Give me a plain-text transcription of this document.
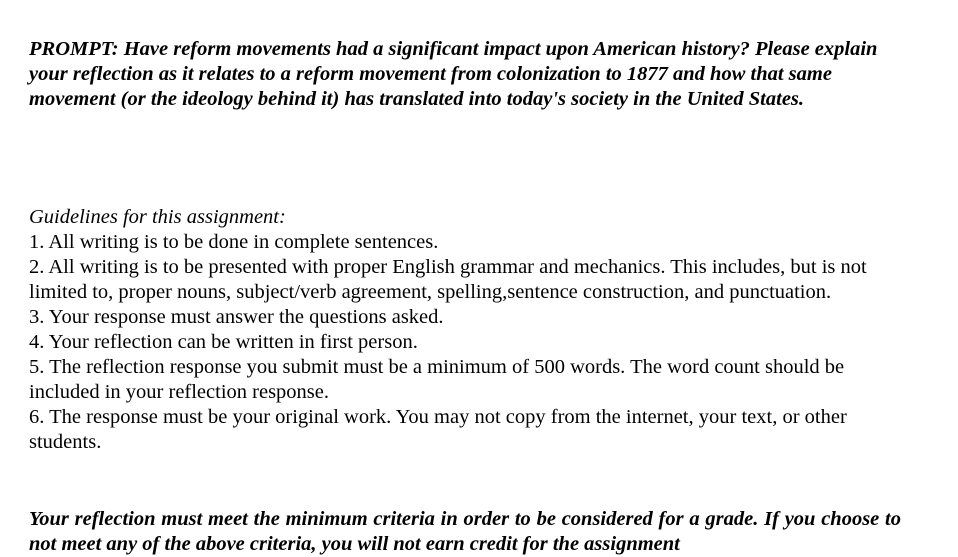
PROMPT: Have reform movements had a significant impact upon American history? Please explain your reflection as it relates to a reform movement from colonization to 1877 and how that same movement (or the ideology behind it) has translated into today's society in the United States.

Guidelines for this assignment:

1. All writing is to be done in complete sentences.
2. All writing is to be presented with proper English grammar and mechanics. This includes, but is not limited to, proper nouns, subject/verb agreement, spelling,sentence construction, and punctuation.
3. Your response must answer the questions asked.
4. Your reflection can be written in first person.
5. The reflection response you submit must be a minimum of 500 words. The word count should be included in your reflection response.
6. The response must be your original work. You may not copy from the internet, your text, or other students.

Your reflection must meet the minimum criteria in order to be considered for a grade. If you choose to not meet any of the above criteria, you will not earn credit for the assignment
